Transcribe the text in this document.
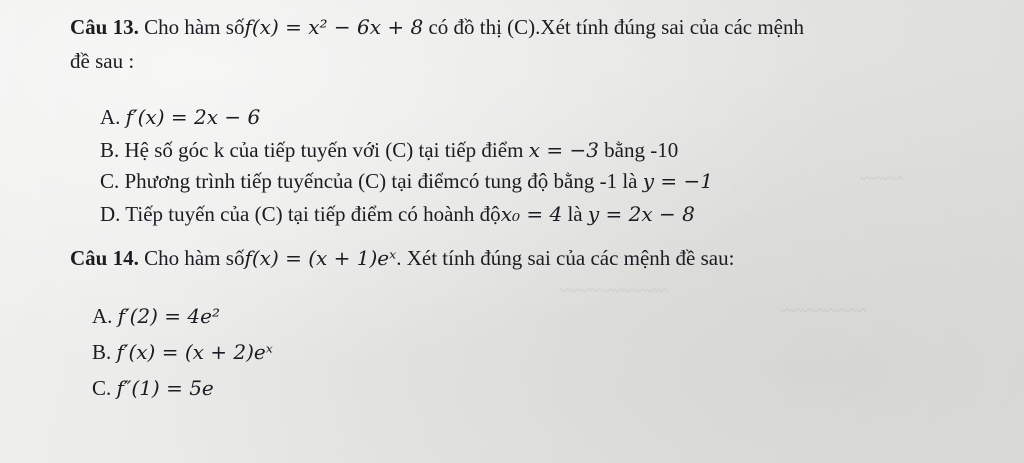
~~~~~~~~~~
~~~~~~~~
~~~~
Câu 13. Cho hàm sốf(x) = x² − 6x + 8 có đồ thị (C).Xét tính đúng sai của các mệnh
đề sau :
A. f′(x) = 2x − 6
B. Hệ số góc k của tiếp tuyến với (C) tại tiếp điểm x = −3 bằng -10
C. Phương trình tiếp tuyếncủa (C) tại điểmcó tung độ bằng -1 là y = −1
D. Tiếp tuyến của (C) tại tiếp điểm có hoành độx₀ = 4 là y = 2x − 8
Câu 14. Cho hàm sốf(x) = (x + 1)eˣ. Xét tính đúng sai của các mệnh đề sau:
A. f′(2) = 4e²
B. f′(x) = (x + 2)eˣ
C. f″(1) = 5e
